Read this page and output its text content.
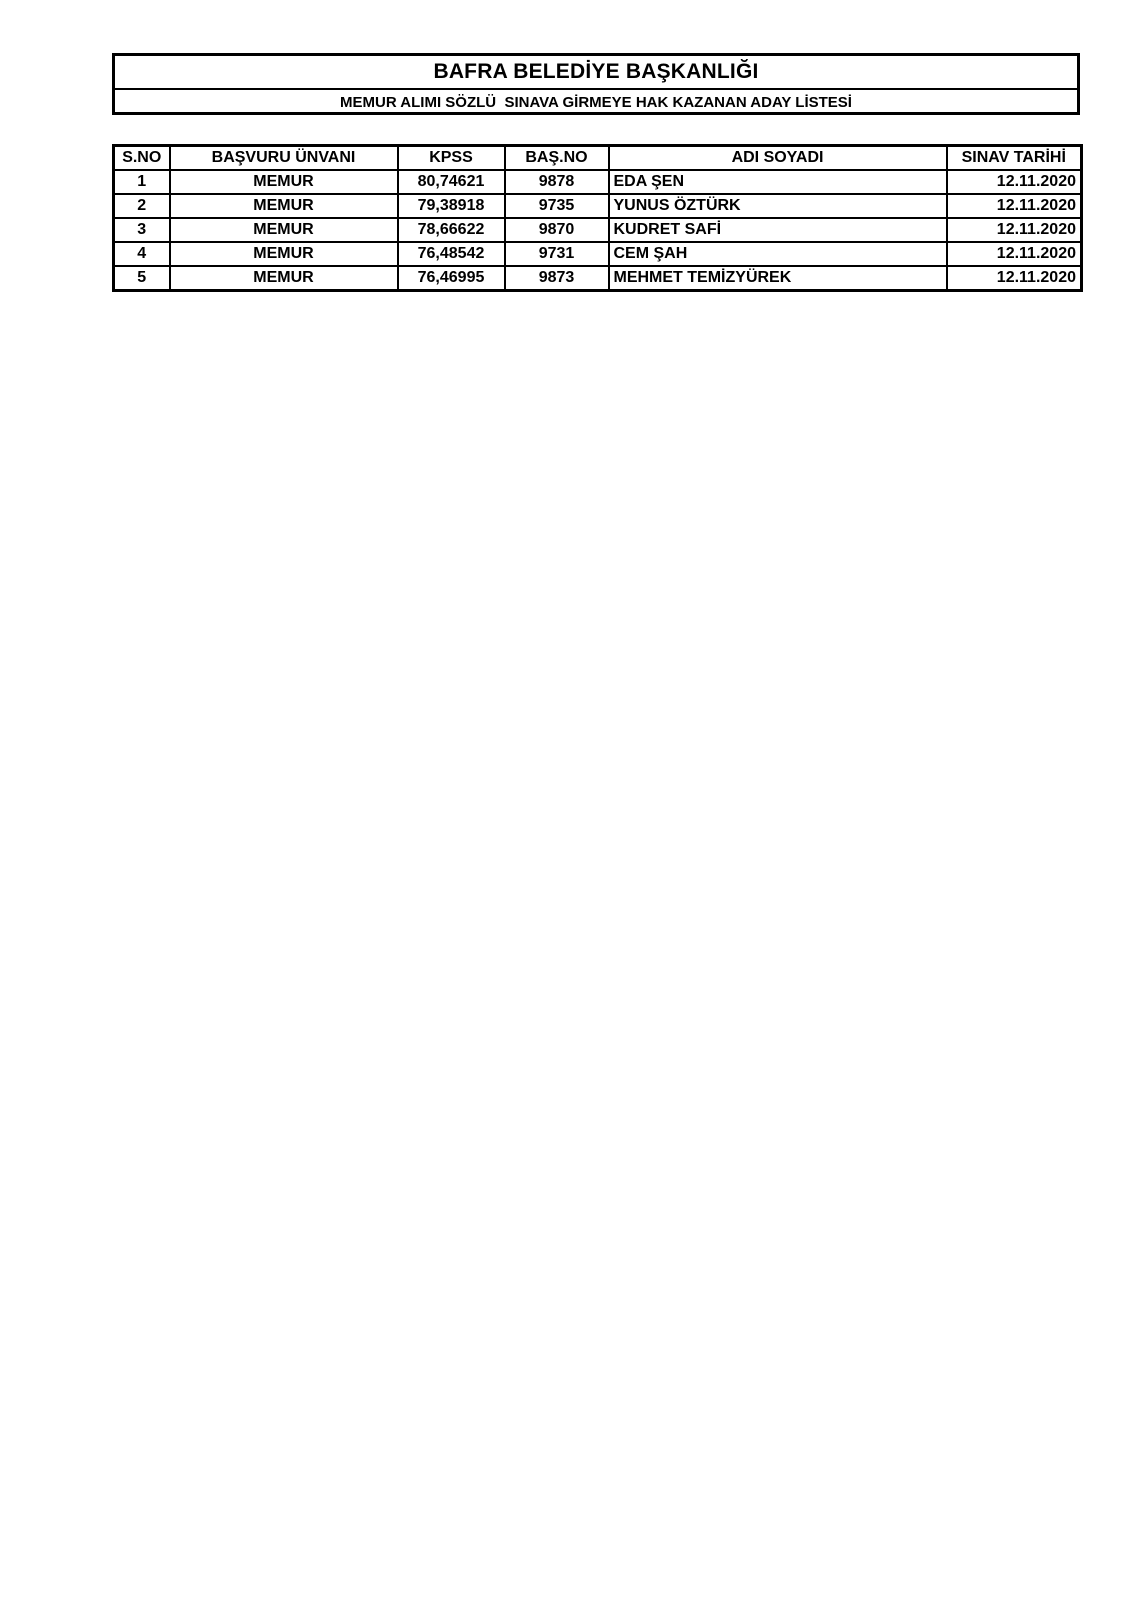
BAFRA BELEDİYE BAŞKANLIĞI
MEMUR ALIMI SÖZLÜ  SINAVA GİRMEYE HAK KAZANAN ADAY LİSTESİ
S.NO	BAŞVURU ÜNVANI	KPSS	BAŞ.NO	ADI SOYADI	SINAV TARİHİ
1	MEMUR	80,74621	9878	EDA ŞEN	12.11.2020
2	MEMUR	79,38918	9735	YUNUS ÖZTÜRK	12.11.2020
3	MEMUR	78,66622	9870	KUDRET SAFİ	12.11.2020
4	MEMUR	76,48542	9731	CEM ŞAH	12.11.2020
5	MEMUR	76,46995	9873	MEHMET TEMİZYÜREK	12.11.2020
